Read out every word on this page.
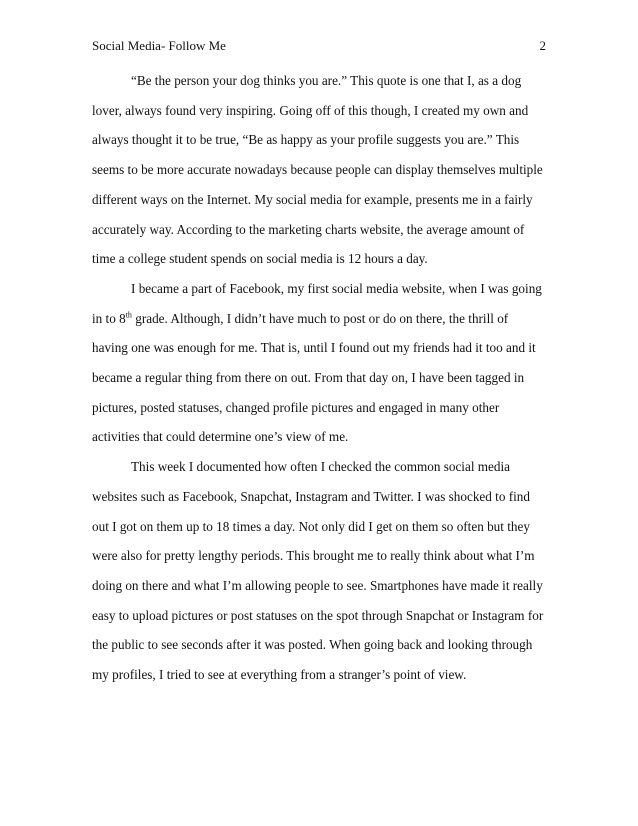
Social Media- Follow Me	2

“Be the person your dog thinks you are.” This quote is one that I, as a dog lover, always found very inspiring. Going off of this though, I created my own and always thought it to be true, “Be as happy as your profile suggests you are.” This seems to be more accurate nowadays because people can display themselves multiple different ways on the Internet. My social media for example, presents me in a fairly accurately way. According to the marketing charts website, the average amount of time a college student spends on social media is 12 hours a day.

I became a part of Facebook, my first social media website, when I was going in to 8th grade. Although, I didn’t have much to post or do on there, the thrill of having one was enough for me. That is, until I found out my friends had it too and it became a regular thing from there on out. From that day on, I have been tagged in pictures, posted statuses, changed profile pictures and engaged in many other activities that could determine one’s view of me.

This week I documented how often I checked the common social media websites such as Facebook, Snapchat, Instagram and Twitter. I was shocked to find out I got on them up to 18 times a day. Not only did I get on them so often but they were also for pretty lengthy periods. This brought me to really think about what I’m doing on there and what I’m allowing people to see. Smartphones have made it really easy to upload pictures or post statuses on the spot through Snapchat or Instagram for the public to see seconds after it was posted. When going back and looking through my profiles, I tried to see at everything from a stranger’s point of view.
